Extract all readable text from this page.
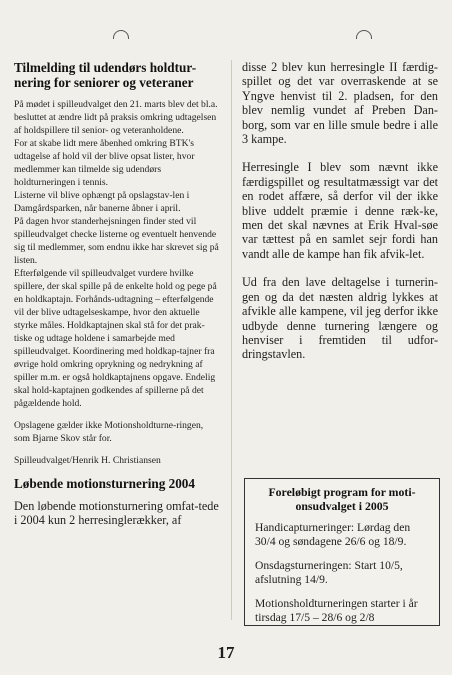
Tilmelding til udendørs holdtur-nering for seniorer og veteraner

På mødet i spilleudvalget den 21. marts blev det bl.a. besluttet at ændre lidt på praksis omkring udtagelsen af holdspillere til senior- og veteranholdene.

For at skabe lidt mere åbenhed omkring BTK's udtagelse af hold vil der blive opsat lister, hvor medlemmer kan tilmelde sig udendørs holdturneringen i tennis.

Listerne vil blive ophængt på opslagstav-len i Damgårdsparken, når banerne åbner i april.

På dagen hvor standerhejsningen finder sted vil spilleudvalget checke listerne og eventuelt henvende sig til medlemmer, som endnu ikke har skrevet sig på listen.

Efterfølgende vil spilleudvalget vurdere hvilke spillere, der skal spille på de enkelte hold og pege på en holdkaptajn. Forhånds-udtagning – efterfølgende vil der blive udtagelseskampe, hvor den aktuelle styrke måles. Holdkaptajnen skal stå for det prak-tiske og udtage holdene i samarbejde med spilleudvalget. Koordinering med holdkap-tajner fra øvrige hold omkring oprykning og nedrykning af spiller m.m. er også holdkaptajnens opgave. Endelig skal hold-kaptajnen godkendes af spillerne på det pågældende hold.

Opslagene gælder ikke Motionsholdturne-ringen, som Bjarne Skov står for.

Spilleudvalget/Henrik H. Christiansen

Løbende motionsturnering 2004

Den løbende motionsturnering omfat-tede i 2004 kun 2 herresinglerækker, af

disse 2 blev kun herresingle II færdig-spillet og det var overraskende at se Yngve henvist til 2. pladsen, for den blev nemlig vundet af Preben Dan-borg, som var en lille smule bedre i alle 3 kampe.

Herresingle I blev som nævnt ikke færdigspillet og resultatmæssigt var det en rodet affære, så derfor vil der ikke blive uddelt præmie i denne ræk-ke, men det skal nævnes at Erik Hval-søe var tættest på en samlet sejr fordi han vandt alle de kampe han fik afvik-let.

Ud fra den lave deltagelse i turnerin-gen og da det næsten aldrig lykkes at afvikle alle kampene, vil jeg derfor ikke udbyde denne turnering længere og henviser i fremtiden til udfor-dringstavlen.

Foreløbigt program for moti-onsudvalget i 2005

Handicapturneringer: Lørdag den 30/4 og søndagene 26/6 og 18/9.

Onsdagsturneringen: Start 10/5, afslutning 14/9.

Motionsholdturneringen starter i år tirsdag 17/5 – 28/6 og 2/8

17
